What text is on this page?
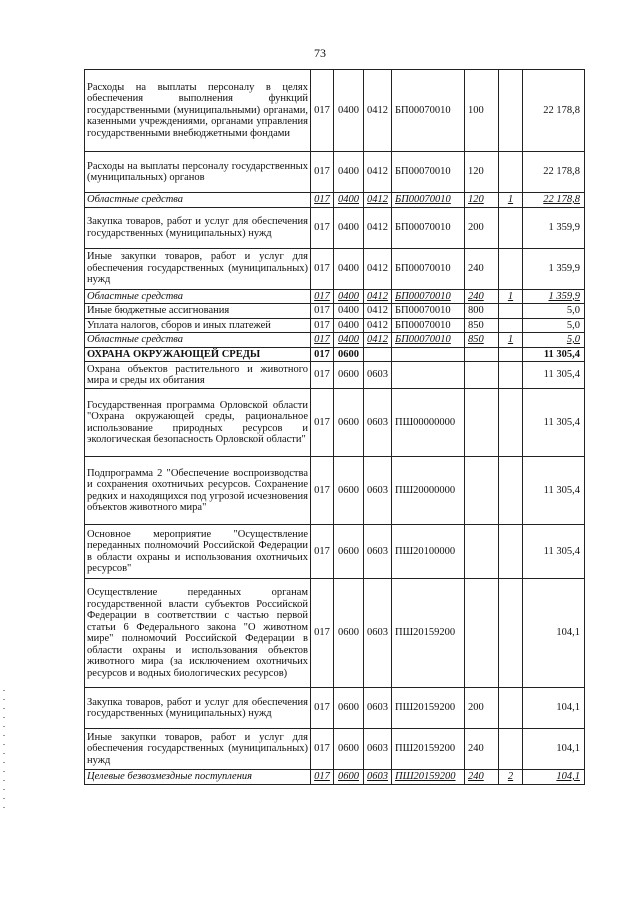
73
Расходы на выплаты персоналу в целях обеспечения выполнения функций государственными (муниципальными) органами, казенными учреждениями, органами управления государственными внебюджетными фондами	017	0400	0412	БП00070010	100		22 178,8
Расходы на выплаты персоналу государственных (муниципальных) органов	017	0400	0412	БП00070010	120		22 178,8
Областные средства	017	0400	0412	БП00070010	120	1	22 178,8
Закупка товаров, работ и услуг для обеспечения государственных (муниципальных) нужд	017	0400	0412	БП00070010	200		1 359,9
Иные закупки товаров, работ и услуг для обеспечения государственных (муниципальных) нужд	017	0400	0412	БП00070010	240		1 359,9
Областные средства	017	0400	0412	БП00070010	240	1	1 359,9
Иные бюджетные ассигнования	017	0400	0412	БП00070010	800		5,0
Уплата налогов, сборов и иных платежей	017	0400	0412	БП00070010	850		5,0
Областные средства	017	0400	0412	БП00070010	850	1	5,0
ОХРАНА ОКРУЖАЮЩЕЙ СРЕДЫ	017	0600					11 305,4
Охрана объектов растительного и животного мира и среды их обитания	017	0600	0603				11 305,4
Государственная программа Орловской области "Охрана окружающей среды, рациональное использование природных ресурсов и экологическая безопасность Орловской области"	017	0600	0603	ПШ00000000			11 305,4
Подпрограмма 2 "Обеспечение воспроизводства и сохранения охотничьих ресурсов. Сохранение редких и находящихся под угрозой исчезновения объектов животного мира"	017	0600	0603	ПШ20000000			11 305,4
Основное мероприятие "Осуществление переданных полномочий Российской Федерации в области охраны и использования охотничьих ресурсов"	017	0600	0603	ПШ20100000			11 305,4
Осуществление переданных органам государственной власти субъектов Российской Федерации в соответствии с частью первой статьи 6 Федерального закона "О животном мире" полномочий Российской Федерации в области охраны и использования объектов животного мира (за исключением охотничьих ресурсов и водных биологических ресурсов)	017	0600	0603	ПШ20159200			104,1
Закупка товаров, работ и услуг для обеспечения государственных (муниципальных) нужд	017	0600	0603	ПШ20159200	200		104,1
Иные закупки товаров, работ и услуг для обеспечения государственных (муниципальных) нужд	017	0600	0603	ПШ20159200	240		104,1
Целевые безвозмездные поступления	017	0600	0603	ПШ20159200	240	2	104,1
